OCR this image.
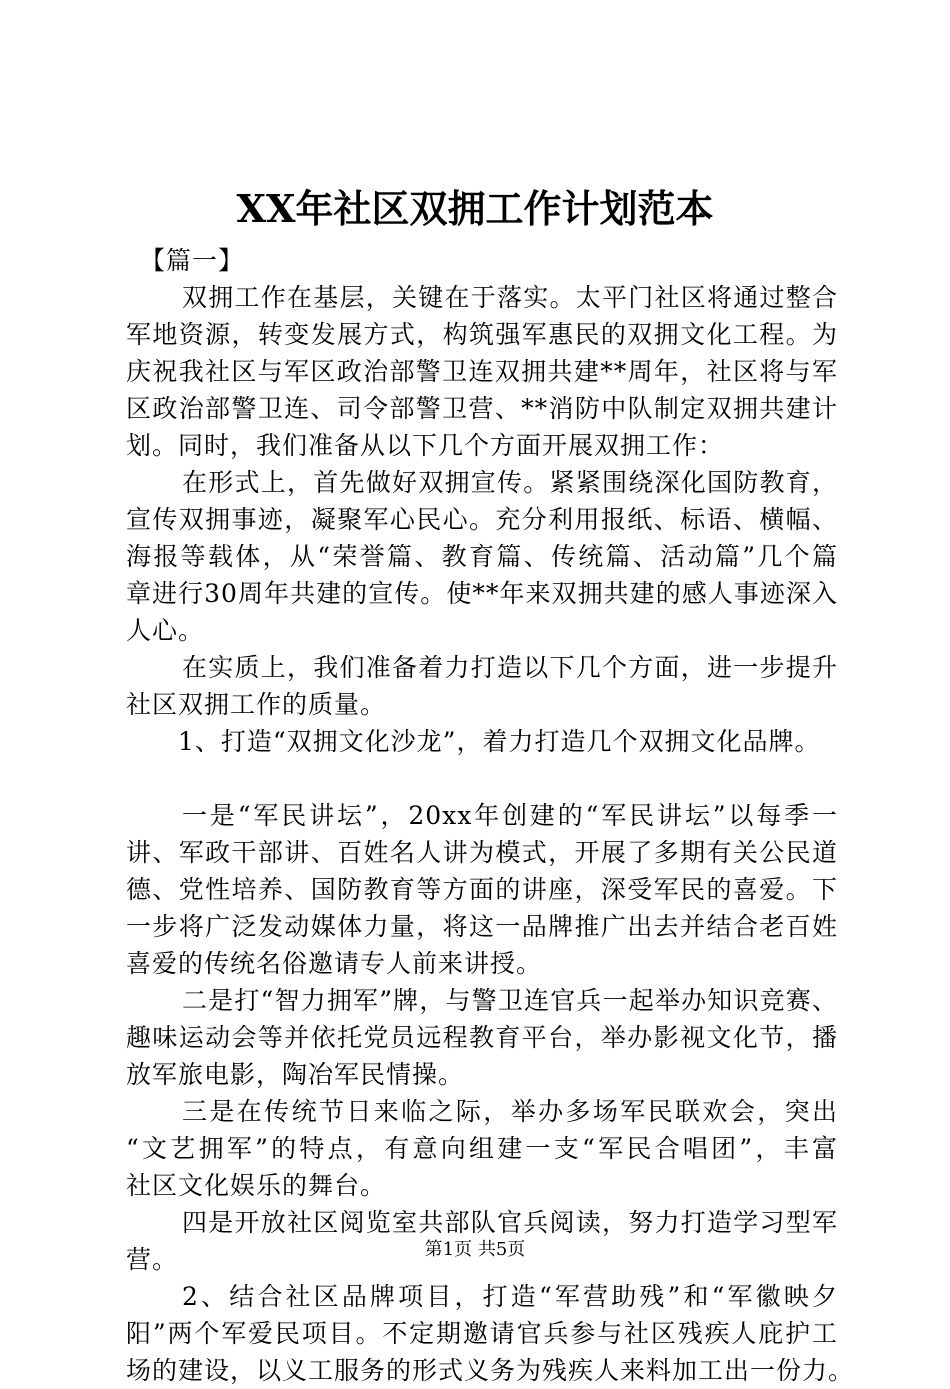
XX年社区双拥工作计划范本
【篇一】
双拥工作在基层，关键在于落实。太平门社区将通过整合
军地资源，转变发展方式，构筑强军惠民的双拥文化工程。为
庆祝我社区与军区政治部警卫连双拥共建**周年，社区将与军
区政治部警卫连、司令部警卫营、**消防中队制定双拥共建计
划。同时，我们准备从以下几个方面开展双拥工作：
在形式上，首先做好双拥宣传。紧紧围绕深化国防教育，
宣传双拥事迹，凝聚军心民心。充分利用报纸、标语、横幅、
海报等载体，从“荣誉篇、教育篇、传统篇、活动篇”几个篇
章进行30周年共建的宣传。使**年来双拥共建的感人事迹深入
人心。
在实质上，我们准备着力打造以下几个方面，进一步提升
社区双拥工作的质量。
1、打造“双拥文化沙龙”，着力打造几个双拥文化品牌。
一是“军民讲坛”，20xx年创建的“军民讲坛”以每季一
讲、军政干部讲、百姓名人讲为模式，开展了多期有关公民道
德、党性培养、国防教育等方面的讲座，深受军民的喜爱。下
一步将广泛发动媒体力量，将这一品牌推广出去并结合老百姓
喜爱的传统名俗邀请专人前来讲授。
二是打“智力拥军”牌，与警卫连官兵一起举办知识竞赛、
趣味运动会等并依托党员远程教育平台，举办影视文化节，播
放军旅电影，陶冶军民情操。
三是在传统节日来临之际，举办多场军民联欢会，突出
“文艺拥军”的特点，有意向组建一支“军民合唱团”，丰富
社区文化娱乐的舞台。
四是开放社区阅览室共部队官兵阅读，努力打造学习型军
营。
2、结合社区品牌项目，打造“军营助残”和“军徽映夕
阳”两个军爱民项目。不定期邀请官兵参与社区残疾人庇护工
场的建设，以义工服务的形式义务为残疾人来料加工出一份力。
第1页 共5页
